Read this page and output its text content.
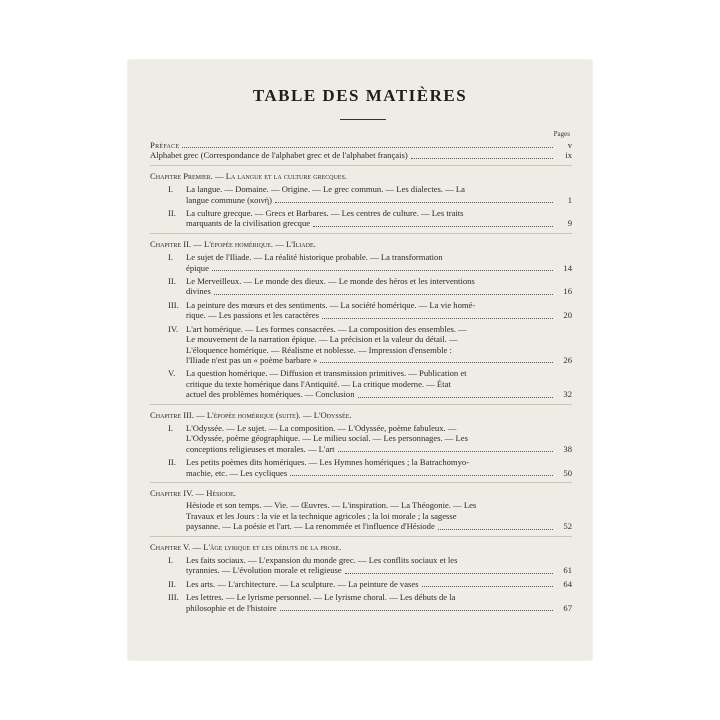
TABLE DES MATIÈRES
Pages
Préface	v
Alphabet grec (Correspondance de l'alphabet grec et de l'alphabet français)	ix
Chapitre Premier. — La langue et la culture grecques.
I.	La langue. — Domaine. — Origine. — Le grec commun. — Les dialectes. — La
langue commune (κοινή)	1
II.	La culture grecque. — Grecs et Barbares. — Les centres de culture. — Les traits
marquants de la civilisation grecque	9
Chapitre II. — L'épopée homérique. — L'Iliade.
I.	Le sujet de l'Iliade. — La réalité historique probable. — La transformation
épique	14
II.	Le Merveilleux. — Le monde des dieux. — Le monde des héros et les interventions
divines	16
III. La peinture des mœurs et des sentiments. — La société homérique. — La vie homé-
rique. — Les passions et les caractères	20
IV. L'art homérique. — Les formes consacrées. — La composition des ensembles. —
Le mouvement de la narration épique. — La précision et la valeur du détail. —
L'éloquence homérique. — Réalisme et noblesse. — Impression d'ensemble :
l'Iliade n'est pas un « poème barbare »	26
V.	La question homérique. — Diffusion et transmission primitives. — Publication et
critique du texte homérique dans l'Antiquité. — La critique moderne. — État
actuel des problèmes homériques. — Conclusion	32
Chapitre III. — L'épopée homérique (suite). — L'Odyssée.
I.	L'Odyssée. — Le sujet. — La composition. — L'Odyssée, poème fabuleux. —
L'Odyssée, poème géographique. — Le milieu social. — Les personnages. — Les
conceptions religieuses et morales. — L'art	38
II.	Les petits poèmes dits homériques. — Les Hymnes homériques ; la Batrachomyo-
machie, etc. — Les cycliques	50
Chapitre IV. — Hésiode.
Hésiode et son temps. — Vie. — Œuvres. — L'inspiration. — La Théogonie. — Les
Travaux et les Jours : la vie et la technique agricoles ; la loi morale ; la sagesse
paysanne. — La poésie et l'art. — La renommée et l'influence d'Hésiode	52
Chapitre V. — L'âge lyrique et les débuts de la prose.
I.	Les faits sociaux. — L'expansion du monde grec. — Les conflits sociaux et les
tyrannies. — L'évolution morale et religieuse	61
II.	Les arts. — L'architecture. — La sculpture. — La peinture de vases	64
III. Les lettres. — Le lyrisme personnel. — Le lyrisme choral. — Les débuts de la
philosophie et de l'histoire	67
